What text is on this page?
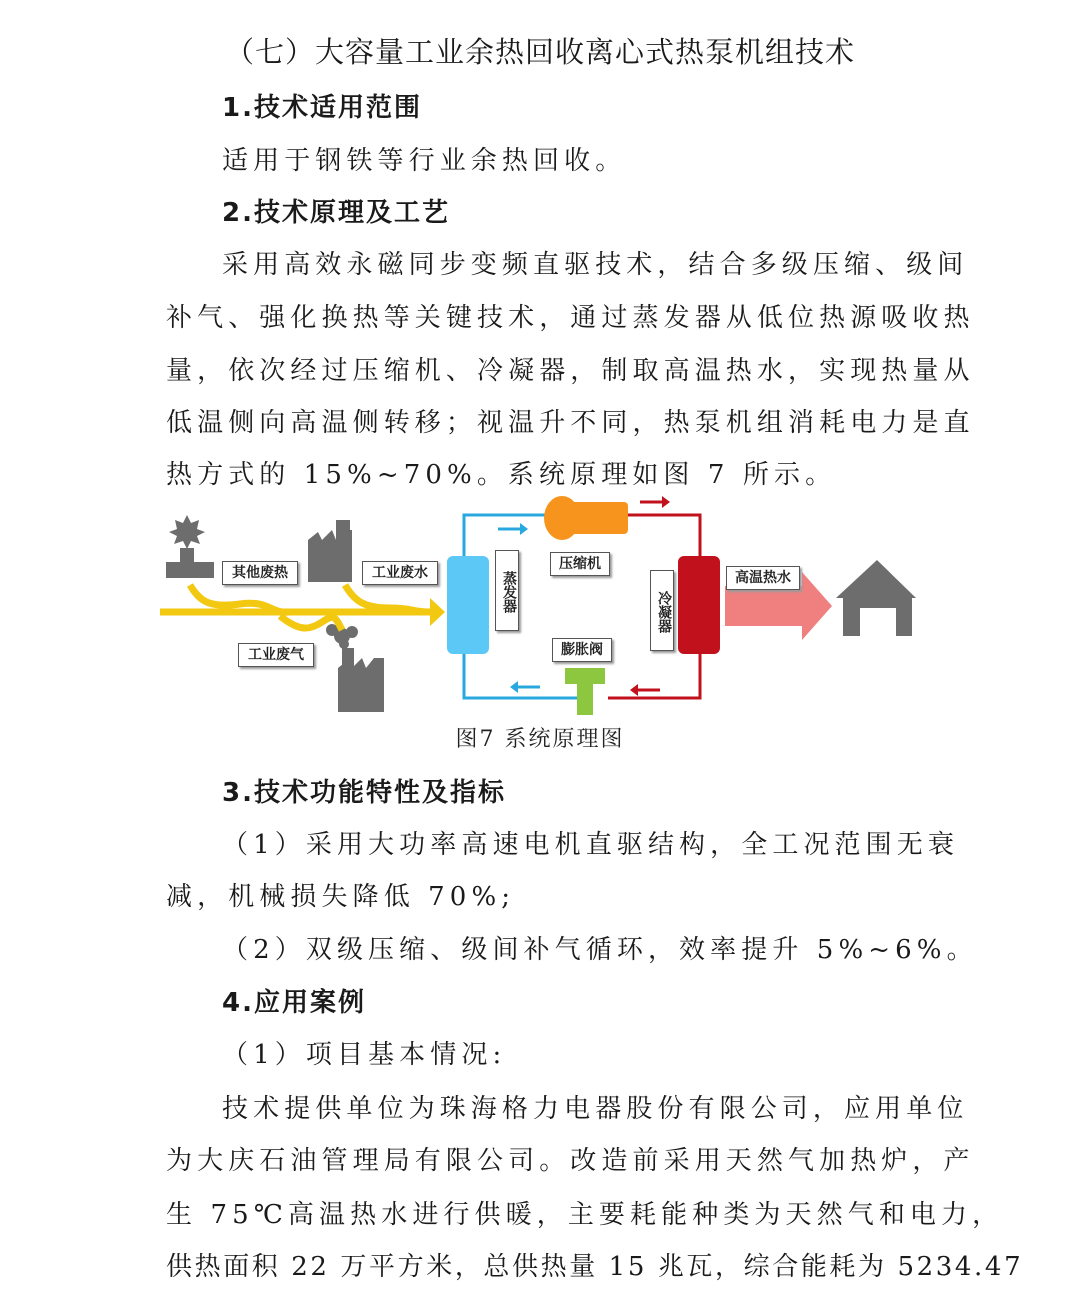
（七）大容量工业余热回收离心式热泵机组技术
1.技术适用范围
适用于钢铁等行业余热回收。
2.技术原理及工艺
采用高效永磁同步变频直驱技术，结合多级压缩、级间
补气、强化换热等关键技术，通过蒸发器从低位热源吸收热
量，依次经过压缩机、冷凝器，制取高温热水，实现热量从
低温侧向高温侧转移；视温升不同，热泵机组消耗电力是直
热方式的 15%~70%。系统原理如图 7 所示。
其他废热	工业废水
工业废气
蒸发器
压缩机
冷凝器
膨胀阀
高温热水
图7 系统原理图
3.技术功能特性及指标
（1）采用大功率高速电机直驱结构，全工况范围无衰
减，机械损失降低 70%;
（2）双级压缩、级间补气循环，效率提升 5%~6%。
4.应用案例
（1）项目基本情况:
技术提供单位为珠海格力电器股份有限公司，应用单位
为大庆石油管理局有限公司。改造前采用天然气加热炉，产
生 75℃高温热水进行供暖，主要耗能种类为天然气和电力，
供热面积 22 万平方米，总供热量 15 兆瓦，综合能耗为 5234.47
